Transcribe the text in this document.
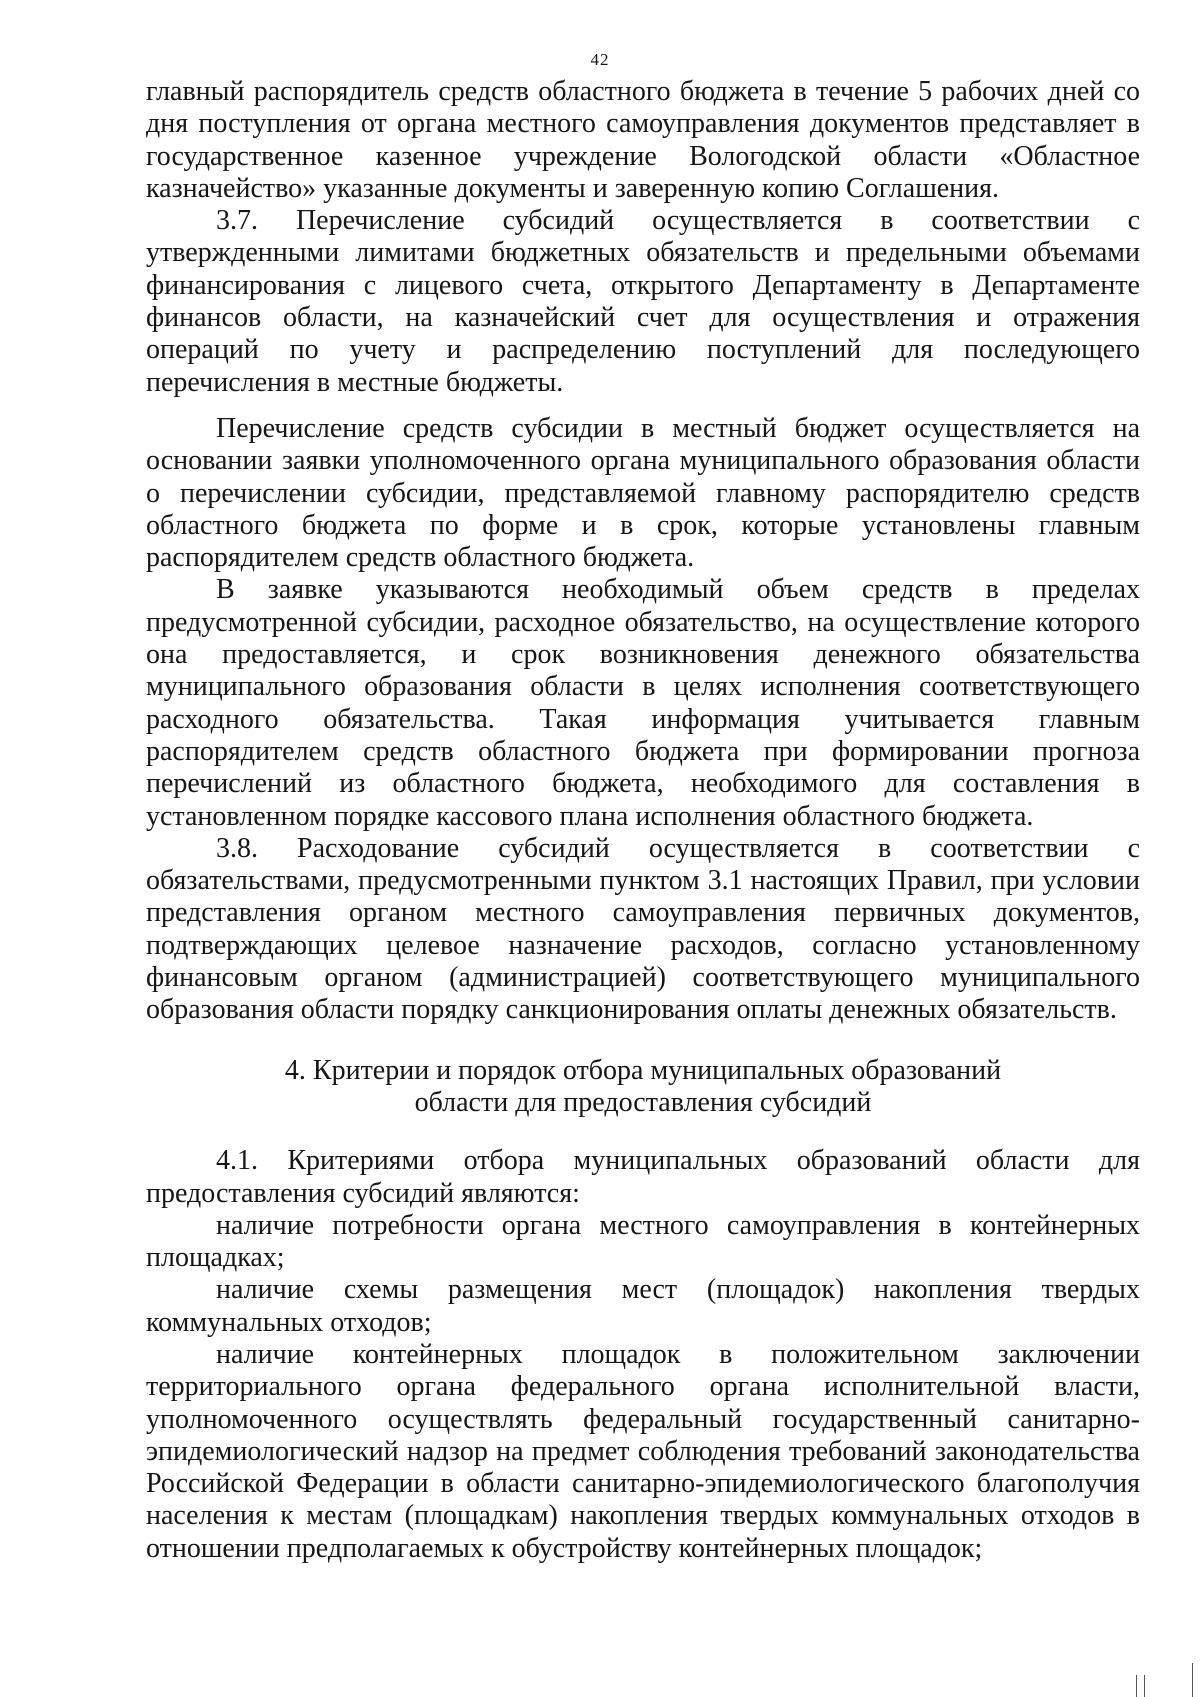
42

главный распорядитель средств областного бюджета в течение 5 рабочих дней со дня поступления от органа местного самоуправления документов представляет в государственное казенное учреждение Вологодской области «Областное казначейство» указанные документы и заверенную копию Соглашения.

3.7. Перечисление субсидий осуществляется в соответствии с утвержденными лимитами бюджетных обязательств и предельными объемами финансирования с лицевого счета, открытого Департаменту в Департаменте финансов области, на казначейский счет для осуществления и отражения операций по учету и распределению поступлений для последующего перечисления в местные бюджеты.

Перечисление средств субсидии в местный бюджет осуществляется на основании заявки уполномоченного органа муниципального образования области о перечислении субсидии, представляемой главному распорядителю средств областного бюджета по форме и в срок, которые установлены главным распорядителем средств областного бюджета.

В заявке указываются необходимый объем средств в пределах предусмотренной субсидии, расходное обязательство, на осуществление которого она предоставляется, и срок возникновения денежного обязательства муниципального образования области в целях исполнения соответствующего расходного обязательства. Такая информация учитывается главным распорядителем средств областного бюджета при формировании прогноза перечислений из областного бюджета, необходимого для составления в установленном порядке кассового плана исполнения областного бюджета.

3.8. Расходование субсидий осуществляется в соответствии с обязательствами, предусмотренными пунктом 3.1 настоящих Правил, при условии представления органом местного самоуправления первичных документов, подтверждающих целевое назначение расходов, согласно установленному финансовым органом (администрацией) соответствующего муниципального образования области порядку санкционирования оплаты денежных обязательств.

4. Критерии и порядок отбора муниципальных образований
области для предоставления субсидий

4.1. Критериями отбора муниципальных образований области для предоставления субсидий являются:

наличие потребности органа местного самоуправления в контейнерных площадках;

наличие схемы размещения мест (площадок) накопления твердых коммунальных отходов;

наличие контейнерных площадок в положительном заключении территориального органа федерального органа исполнительной власти, уполномоченного осуществлять федеральный государственный санитарно-эпидемиологический надзор на предмет соблюдения требований законодательства Российской Федерации в области санитарно-эпидемиологического благополучия населения к местам (площадкам) накопления твердых коммунальных отходов в отношении предполагаемых к обустройству контейнерных площадок;
